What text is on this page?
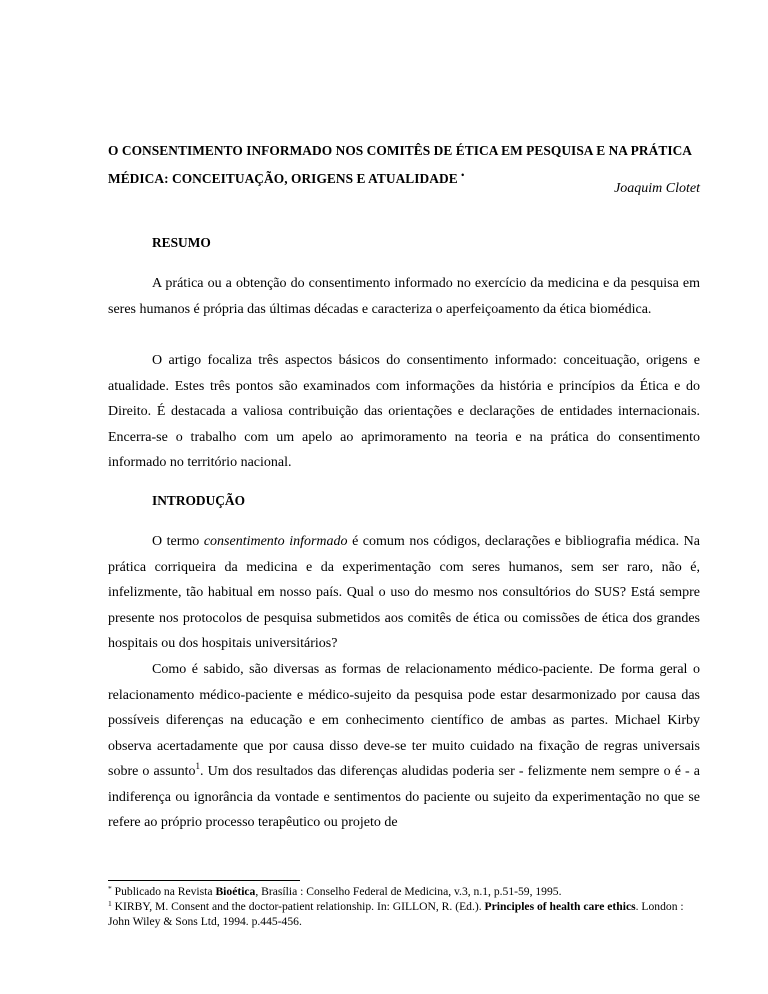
O CONSENTIMENTO INFORMADO NOS COMITÊS DE ÉTICA EM PESQUISA E NA PRÁTICA MÉDICA: CONCEITUAÇÃO, ORIGENS E ATUALIDADE •
Joaquim Clotet
RESUMO
A prática ou a obtenção do consentimento informado no exercício da medicina e da pesquisa em seres humanos é própria das últimas décadas e caracteriza o aperfeiçoamento da ética biomédica.
O artigo focaliza três aspectos básicos do consentimento informado: conceituação, origens e atualidade. Estes três pontos são examinados com informações da história e princípios da Ética e do Direito. É destacada a valiosa contribuição das orientações e declarações de entidades internacionais. Encerra-se o trabalho com um apelo ao aprimoramento na teoria e na prática do consentimento informado no território nacional.
INTRODUÇÃO
O termo consentimento informado é comum nos códigos, declarações e bibliografia médica. Na prática corriqueira da medicina e da experimentação com seres humanos, sem ser raro, não é, infelizmente, tão habitual em nosso país. Qual o uso do mesmo nos consultórios do SUS? Está sempre presente nos protocolos de pesquisa submetidos aos comitês de ética ou comissões de ética dos grandes hospitais ou dos hospitais universitários?
Como é sabido, são diversas as formas de relacionamento médico-paciente. De forma geral o relacionamento médico-paciente e médico-sujeito da pesquisa pode estar desarmonizado por causa das possíveis diferenças na educação e em conhecimento científico de ambas as partes. Michael Kirby observa acertadamente que por causa disso deve-se ter muito cuidado na fixação de regras universais sobre o assunto$^1$. Um dos resultados das diferenças aludidas poderia ser - felizmente nem sempre o é - a indiferença ou ignorância da vontade e sentimentos do paciente ou sujeito da experimentação no que se refere ao próprio processo terapêutico ou projeto de
* Publicado na Revista Bioética, Brasília : Conselho Federal de Medicina, v.3, n.1, p.51-59, 1995.
$^1$ KIRBY, M. Consent and the doctor-patient relationship. In: GILLON, R. (Ed.). Principles of health care ethics. London : John Wiley & Sons Ltd, 1994. p.445-456.
